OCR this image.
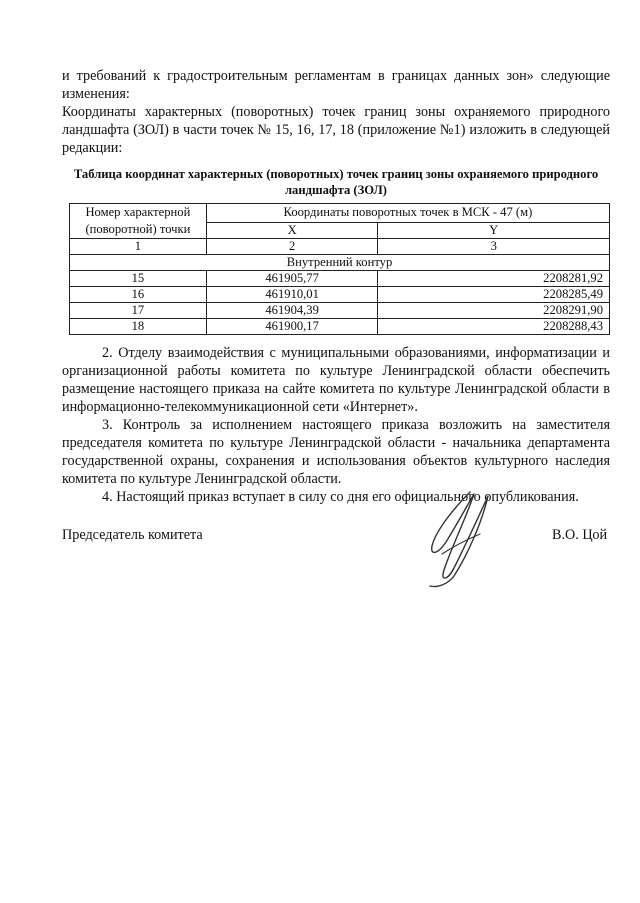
и требований к градостроительным регламентам в границах данных зон» следующие изменения:

Координаты характерных (поворотных) точек границ зоны охраняемого природного ландшафта (ЗОЛ) в части точек № 15, 16, 17, 18 (приложение №1) изложить в следующей редакции:

Таблица координат характерных (поворотных) точек границ зоны охраняемого природного ландшафта (ЗОЛ)

Номер характерной (поворотной) точки	Координаты поворотных точек в МСК - 47 (м)	
	X	Y
1	2	3
Внутренний контур		
15	461905,77	2208281,92
16	461910,01	2208285,49
17	461904,39	2208291,90
18	461900,17	2208288,43

2. Отделу взаимодействия с муниципальными образованиями, информатизации и организационной работы комитета по культуре Ленинградской области обеспечить размещение настоящего приказа на сайте комитета по культуре Ленинградской области в информационно-телекоммуникационной сети «Интернет».

3. Контроль за исполнением настоящего приказа возложить на заместителя председателя комитета по культуре Ленинградской области - начальника департамента государственной охраны, сохранения и использования объектов культурного наследия комитета по культуре Ленинградской области.

4. Настоящий приказ вступает в силу со дня его официального опубликования.

Председатель комитета	В.О. Цой
